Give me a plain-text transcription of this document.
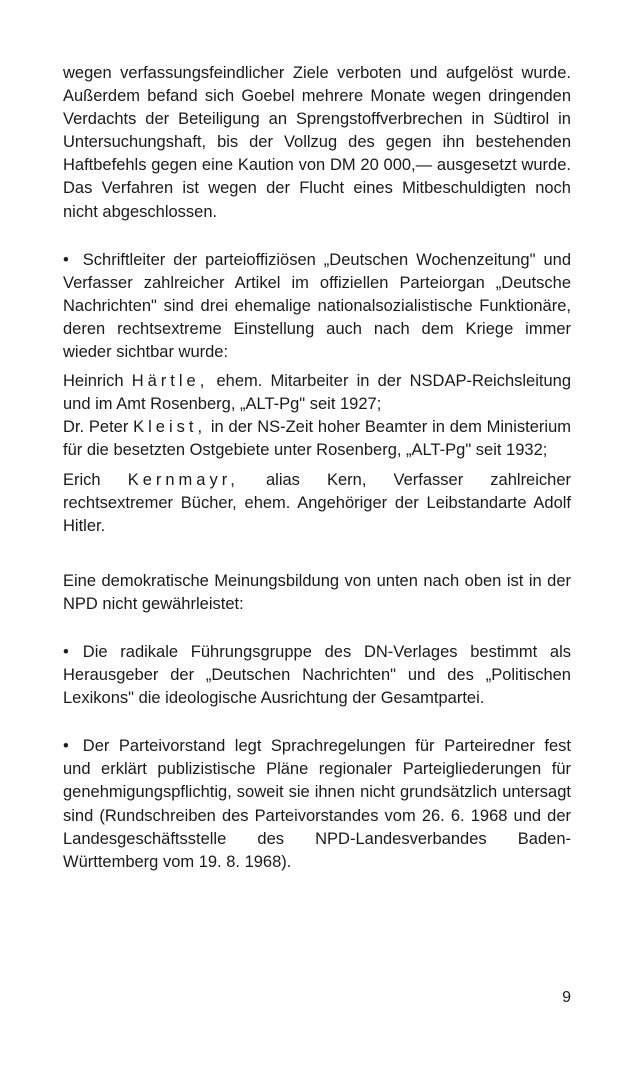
wegen verfassungsfeindlicher Ziele verboten und aufgelöst wurde. Außerdem befand sich Goebel mehrere Monate wegen dringenden Verdachts der Beteiligung an Sprengstoffverbrechen in Südtirol in Untersuchungshaft, bis der Vollzug des gegen ihn bestehenden Haftbefehls gegen eine Kaution von DM 20 000,— ausgesetzt wurde. Das Verfahren ist wegen der Flucht eines Mitbeschuldigten noch nicht abgeschlossen.

• Schriftleiter der parteioffiziösen „Deutschen Wochenzeitung" und Verfasser zahlreicher Artikel im offiziellen Parteiorgan „Deutsche Nachrichten" sind drei ehemalige nationalsozialistische Funktionäre, deren rechtsextreme Einstellung auch nach dem Kriege immer wieder sichtbar wurde:

Heinrich Härtle, ehem. Mitarbeiter in der NSDAP-Reichsleitung und im Amt Rosenberg, „ALT-Pg" seit 1927;

Dr. Peter Kleist, in der NS-Zeit hoher Beamter in dem Ministerium für die besetzten Ostgebiete unter Rosenberg, „ALT-Pg" seit 1932;

Erich Kernmayr, alias Kern, Verfasser zahlreicher rechtsextremer Bücher, ehem. Angehöriger der Leibstandarte Adolf Hitler.

Eine demokratische Meinungsbildung von unten nach oben ist in der NPD nicht gewährleistet:

• Die radikale Führungsgruppe des DN-Verlages bestimmt als Herausgeber der „Deutschen Nachrichten" und des „Politischen Lexikons" die ideologische Ausrichtung der Gesamtpartei.

• Der Parteivorstand legt Sprachregelungen für Parteiredner fest und erklärt publizistische Pläne regionaler Parteigliederungen für genehmigungspflichtig, soweit sie ihnen nicht grundsätzlich untersagt sind (Rundschreiben des Parteivorstandes vom 26. 6. 1968 und der Landesgeschäftsstelle des NPD-Landesverbandes Baden-Württemberg vom 19. 8. 1968).

9
